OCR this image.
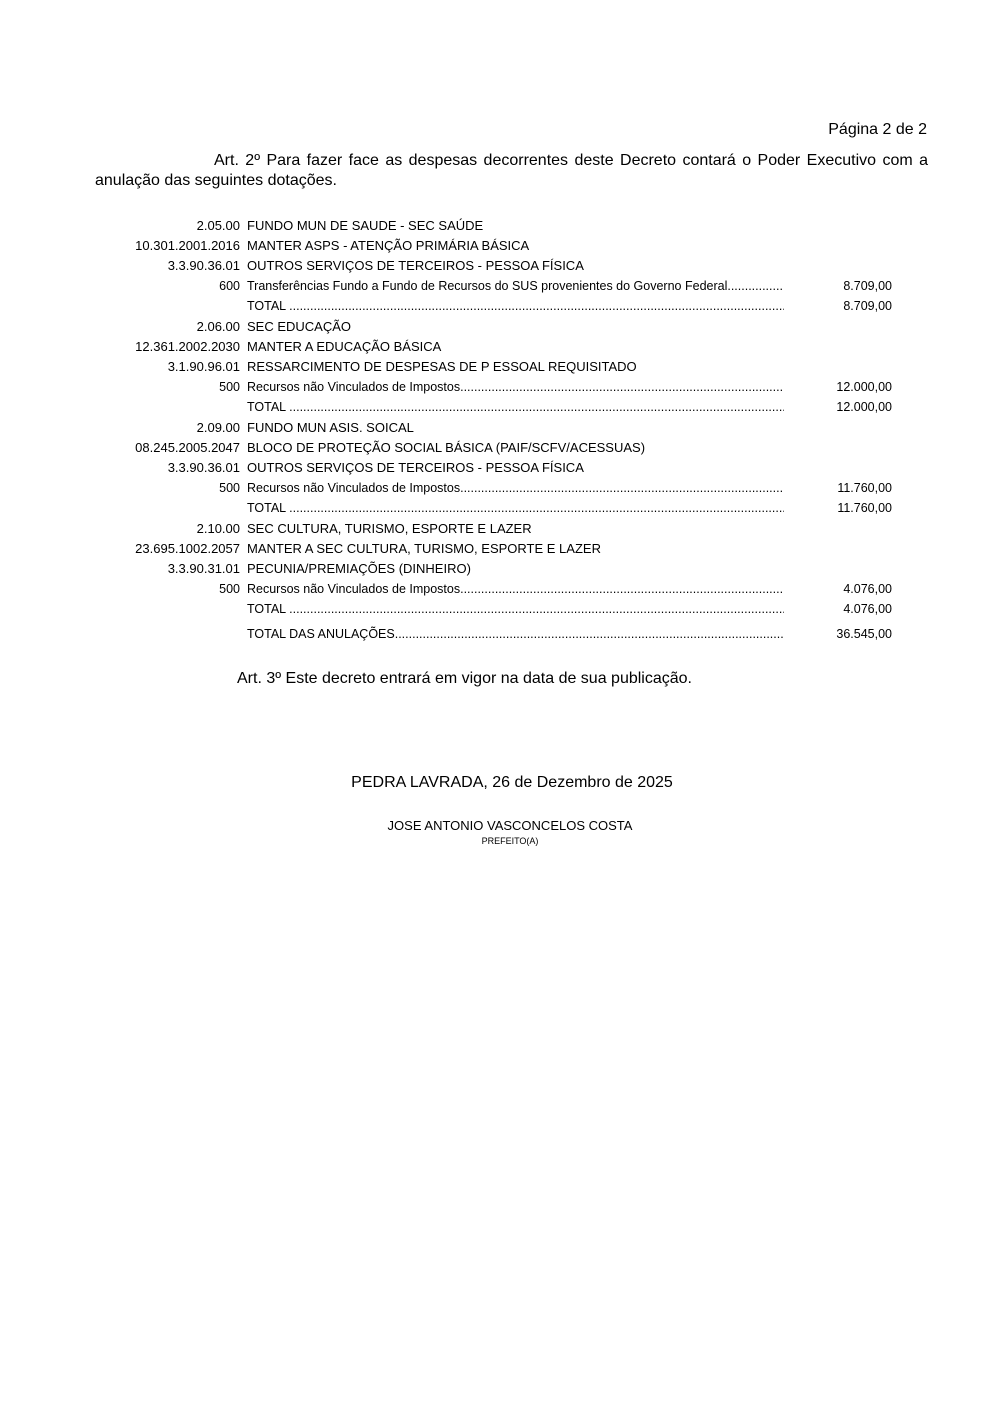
Página 2 de 2
Art. 2º Para fazer face as despesas decorrentes deste Decreto contará o Poder Executivo com a anulação das seguintes dotações.
2.05.00 FUNDO MUN DE SAUDE - SEC SAÚDE
10.301.2001.2016 MANTER ASPS - ATENÇÃO PRIMÁRIA BÁSICA
3.3.90.36.01 OUTROS SERVIÇOS DE TERCEIROS - PESSOA FÍSICA
600 Transferências Fundo a Fundo de Recursos do SUS provenientes do Governo Federal .....	8.709,00
TOTAL .....	8.709,00
2.06.00 SEC EDUCAÇÃO
12.361.2002.2030 MANTER A EDUCAÇÃO BÁSICA
3.1.90.96.01 RESSARCIMENTO DE DESPESAS DE P ESSOAL REQUISITADO
500 Recursos não Vinculados de Impostos .....	12.000,00
TOTAL .....	12.000,00
2.09.00 FUNDO MUN ASIS. SOICAL
08.245.2005.2047 BLOCO DE PROTEÇÃO SOCIAL BÁSICA (PAIF/SCFV/ACESSUAS)
3.3.90.36.01 OUTROS SERVIÇOS DE TERCEIROS - PESSOA FÍSICA
500 Recursos não Vinculados de Impostos .....	11.760,00
TOTAL .....	11.760,00
2.10.00 SEC CULTURA, TURISMO, ESPORTE E LAZER
23.695.1002.2057 MANTER A SEC CULTURA, TURISMO, ESPORTE E LAZER
3.3.90.31.01 PECUNIA/PREMIAÇÕES (DINHEIRO)
500 Recursos não Vinculados de Impostos .....	4.076,00
TOTAL .....	4.076,00
TOTAL DAS ANULAÇÕES .....	36.545,00
Art. 3º Este decreto entrará em vigor na data de sua publicação.
PEDRA LAVRADA, 26 de Dezembro de 2025
JOSE ANTONIO VASCONCELOS COSTA
PREFEITO(A)
